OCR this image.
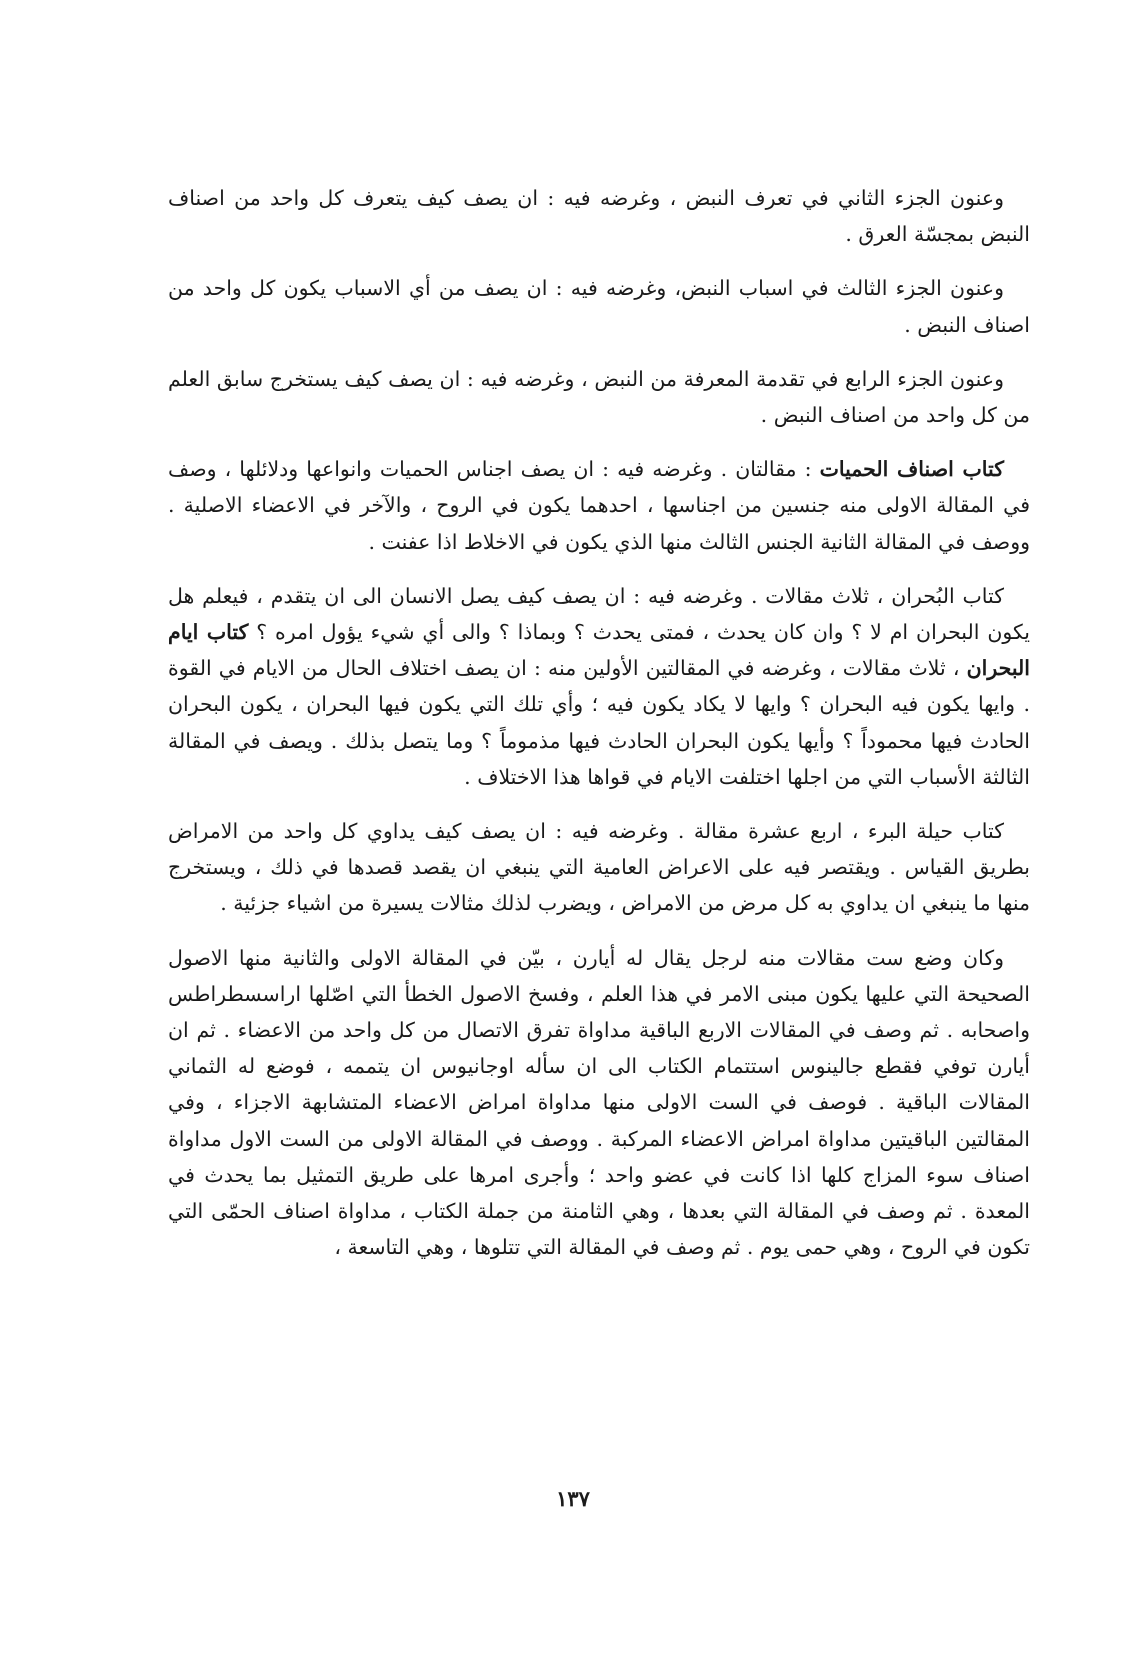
وعنون الجزء الثاني في تعرف النبض ، وغرضه فيه : ان يصف كيف يتعرف كل واحد من اصناف النبض بمجسّة العرق .

وعنون الجزء الثالث في اسباب النبض، وغرضه فيه : ان يصف من أي الاسباب يكون كل واحد من اصناف النبض .

وعنون الجزء الرابع في تقدمة المعرفة من النبض ، وغرضه فيه : ان يصف كيف يستخرج سابق العلم من كل واحد من اصناف النبض .

كتاب اصناف الحميات : مقالتان . وغرضه فيه : ان يصف اجناس الحميات وانواعها ودلائلها ، وصف في المقالة الاولى منه جنسين من اجناسها ، احدهما يكون في الروح ، والآخر في الاعضاء الاصلية . ووصف في المقالة الثانية الجنس الثالث منها الذي يكون في الاخلاط اذا عفنت .

كتاب البُحران ، ثلاث مقالات . وغرضه فيه : ان يصف كيف يصل الانسان الى ان يتقدم ، فيعلم هل يكون البحران ام لا ؟ وان كان يحدث ، فمتى يحدث ؟ وبماذا ؟ والى أي شيء يؤول امره ؟ كتاب ايام البحران ، ثلاث مقالات ، وغرضه في المقالتين الأولين منه : ان يصف اختلاف الحال من الايام في القوة . وايها يكون فيه البحران ؟ وايها لا يكاد يكون فيه ؛ وأي تلك التي يكون فيها البحران ، يكون البحران الحادث فيها محموداً ؟ وأيها يكون البحران الحادث فيها مذموماً ؟ وما يتصل بذلك . ويصف في المقالة الثالثة الأسباب التي من اجلها اختلفت الايام في قواها هذا الاختلاف .

كتاب حيلة البرء ، اربع عشرة مقالة . وغرضه فيه : ان يصف كيف يداوي كل واحد من الامراض بطريق القياس . ويقتصر فيه على الاعراض العامية التي ينبغي ان يقصد قصدها في ذلك ، ويستخرج منها ما ينبغي ان يداوي به كل مرض من الامراض ، ويضرب لذلك مثالات يسيرة من اشياء جزئية .

وكان وضع ست مقالات منه لرجل يقال له أيارن ، بيّن في المقالة الاولى والثانية منها الاصول الصحيحة التي عليها يكون مبنى الامر في هذا العلم ، وفسخ الاصول الخطأ التي اصّلها اراسسطراطس واصحابه . ثم وصف في المقالات الاربع الباقية مداواة تفرق الاتصال من كل واحد من الاعضاء . ثم ان أيارن توفي فقطع جالينوس استتمام الكتاب الى ان سأله اوجانيوس ان يتممه ، فوضع له الثماني المقالات الباقية . فوصف في الست الاولى منها مداواة امراض الاعضاء المتشابهة الاجزاء ، وفي المقالتين الباقيتين مداواة امراض الاعضاء المركبة . ووصف في المقالة الاولى من الست الاول مداواة اصناف سوء المزاج كلها اذا كانت في عضو واحد ؛ وأجرى امرها على طريق التمثيل بما يحدث في المعدة . ثم وصف في المقالة التي بعدها ، وهي الثامنة من جملة الكتاب ، مداواة اصناف الحمّى التي تكون في الروح ، وهي حمى يوم . ثم وصف في المقالة التي تتلوها ، وهي التاسعة ،

١٣٧
